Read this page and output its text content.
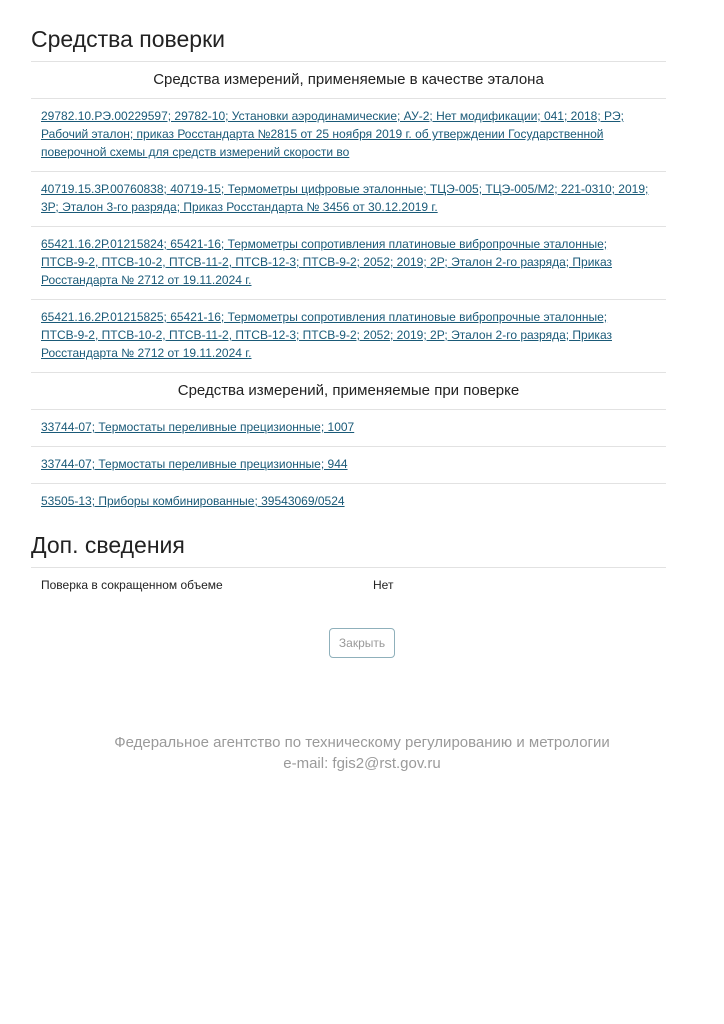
Средства поверки
Средства измерений, применяемые в качестве эталона
29782.10.РЭ.00229597; 29782-10; Установки аэродинамические; АУ-2; Нет модификации; 041; 2018; РЭ; Рабочий эталон; приказ Росстандарта №2815 от 25 ноября 2019 г. об утверждении Государственной поверочной схемы для средств измерений скорости во
40719.15.3Р.00760838; 40719-15; Термометры цифровые эталонные; ТЦЭ-005; ТЦЭ-005/М2; 221-0310; 2019; 3Р; Эталон 3-го разряда; Приказ Росстандарта № 3456 от 30.12.2019 г.
65421.16.2Р.01215824; 65421-16; Термометры сопротивления платиновые вибропрочные эталонные; ПТСВ-9-2, ПТСВ-10-2, ПТСВ-11-2, ПТСВ-12-3; ПТСВ-9-2; 2052; 2019; 2Р; Эталон 2-го разряда; Приказ Росстандарта № 2712 от 19.11.2024 г.
65421.16.2Р.01215825; 65421-16; Термометры сопротивления платиновые вибропрочные эталонные; ПТСВ-9-2, ПТСВ-10-2, ПТСВ-11-2, ПТСВ-12-3; ПТСВ-9-2; 2052; 2019; 2Р; Эталон 2-го разряда; Приказ Росстандарта № 2712 от 19.11.2024 г.
Средства измерений, применяемые при поверке
33744-07; Термостаты переливные прецизионные; 1007
33744-07; Термостаты переливные прецизионные; 944
53505-13; Приборы комбинированные; 39543069/0524
Доп. сведения
Поверка в сокращенном объеме	Нет
Закрыть
Федеральное агентство по техническому регулированию и метрологии
e-mail: fgis2@rst.gov.ru
